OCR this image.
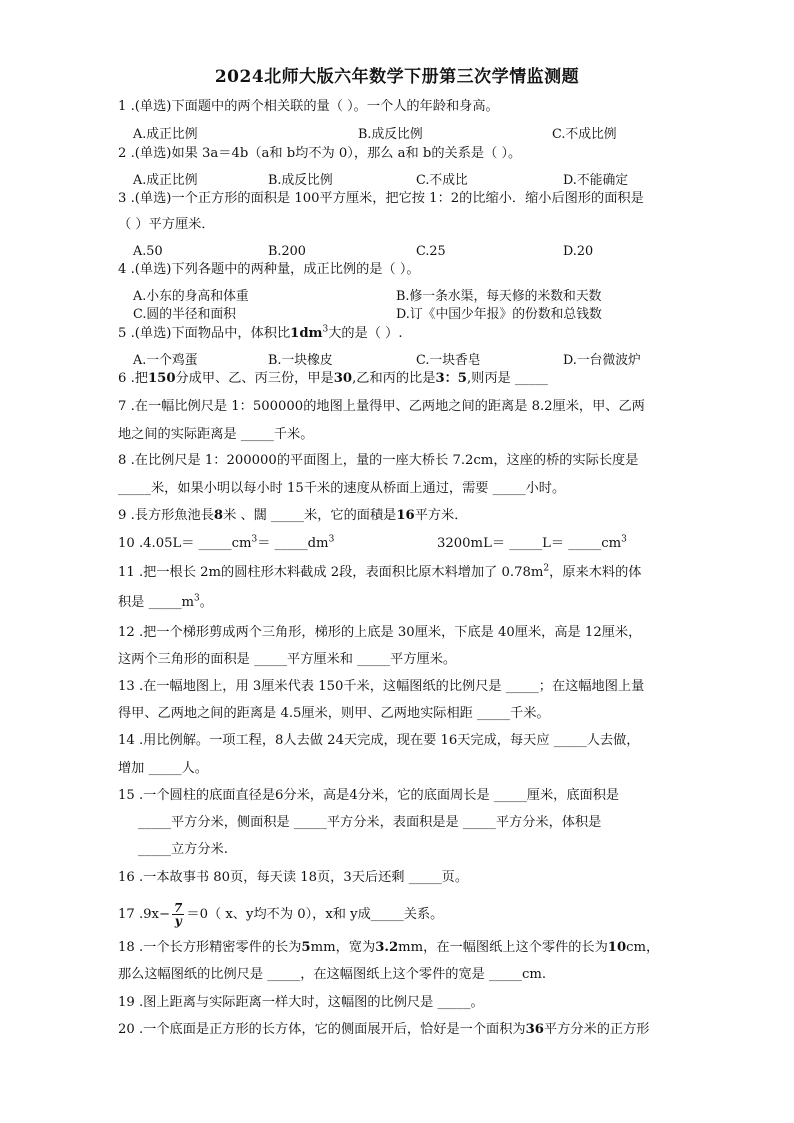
2024北师大版六年数学下册第三次学情监测题
1 .(单选)下面题中的两个相关联的量（ ）。一个人的年龄和身高。
A.成正比例	B.成反比例	C.不成比例
2 .(单选)如果 3a＝4b（a和 b均不为 0），那么 a和 b的关系是（ ）。
A.成正比例	B.成反比例	C.不成比	D.不能确定
3 .(单选)一个正方形的面积是 100平方厘米，把它按 1：2的比缩小．缩小后图形的面积是
（ ）平方厘米．
A.50	B.200	C.25	D.20
4 .(单选)下列各题中的两种量，成正比例的是（ ）。
A.小东的身高和体重	B.修一条水渠，每天修的米数和天数
C.圆的半径和面积	D.订《中国少年报》的份数和总钱数
5 .(单选)下面物品中，体积比$1dm^3$大的是（ ）.
A.一个鸡蛋	B.一块橡皮	C.一块香皂	D.一台微波炉
6 .把150分成甲、乙、丙三份，甲是30,乙和丙的比是3：5,则丙是 _____
7 .在一幅比例尺是 1：500000的地图上量得甲、乙两地之间的距离是 8.2厘米，甲、乙两
地之间的实际距离是 _____千米。
8 .在比例尺是 1：200000的平面图上，量的一座大桥长 7.2cm，这座的桥的实际长度是
_____米，如果小明以每小时 15千米的速度从桥面上通过，需要 _____小时。
9 .長方形魚池長8米 、闊 _____米，它的面積是16平方米．
10 $.4.05L= \_\_\_\_\_cm^3=$ $\_\_\_\_\_dm^3$	3200mL＝ _____L＝ $\_\_\_\_\_cm^3$
11 .把一根长 2m的圆柱形木料截成 2段，表面积比原木料增加了 $0.78m^2$，原来木料的体
积是 $\_\_\_\_\_m^3$。
12 .把一个梯形剪成两个三角形，梯形的上底是 30厘米，下底是 40厘米，高是 12厘米，
这两个三角形的面积是 _____平方厘米和 _____平方厘米。
13 .在一幅地图上，用 3厘米代表 150千米，这幅图纸的比例尺是 _____；在这幅地图上量
得甲、乙两地之间的距离是 4.5厘米，则甲、乙两地实际相距 _____千米。
14 .用比例解。一项工程，8人去做 24天完成，现在要 16天完成，每天应 _____人去做，
增加 _____人。
15 .一个圆柱的底面直径是6分米，高是4分米，它的底面周长是 _____厘米，底面积是
_____平方分米，侧面积是 _____平方分米，表面积是是 _____平方分米，体积是
_____立方分米.
16 .一本故事书 80页，每天读 18页，3天后还剩 _____页。
17 $.9x- \frac{7}{y} =0$（ x、y均不为 0），x和 y成_____关系。
18 .一个长方形精密零件的长为5mm，宽为3.2mm，在一幅图纸上这个零件的长为10cm，
那么这幅图纸的比例尺是 _____，在这幅图纸上这个零件的宽是 _____cm.
19 .图上距离与实际距离一样大时，这幅图的比例尺是 _____。
20 .一个底面是正方形的长方体，它的侧面展开后，恰好是一个面积为36平方分米的正方形
